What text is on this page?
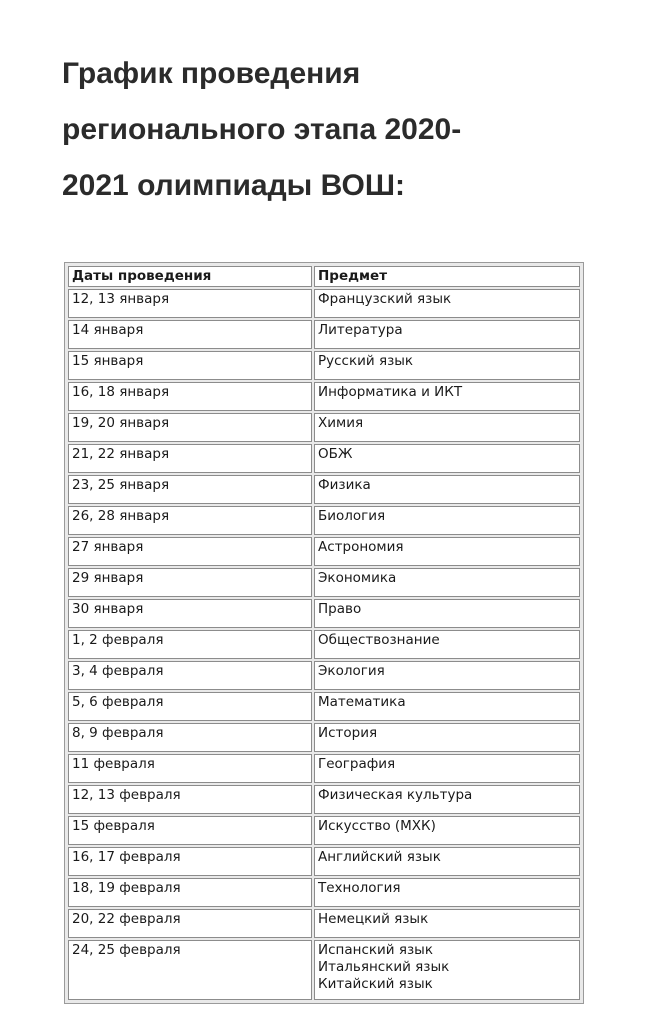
График проведения
регионального этапа 2020-
2021 олимпиады ВОШ:
Даты проведения	Предмет
12, 13 января	Французский язык
14 января	Литература
15 января	Русский язык
16, 18 января	Информатика и ИКТ
19, 20 января	Химия
21, 22 января	ОБЖ
23, 25 января	Физика
26, 28 января	Биология
27 января	Астрономия
29 января	Экономика
30 января	Право
1, 2 февраля	Обществознание
3, 4 февраля	Экология
5, 6 февраля	Математика
8, 9 февраля	История
11 февраля	География
12, 13 февраля	Физическая культура
15 февраля	Искусство (МХК)
16, 17 февраля	Английский язык
18, 19 февраля	Технология
20, 22 февраля	Немецкий язык
24, 25 февраля	Испанский язык
Итальянский язык
Китайский язык
